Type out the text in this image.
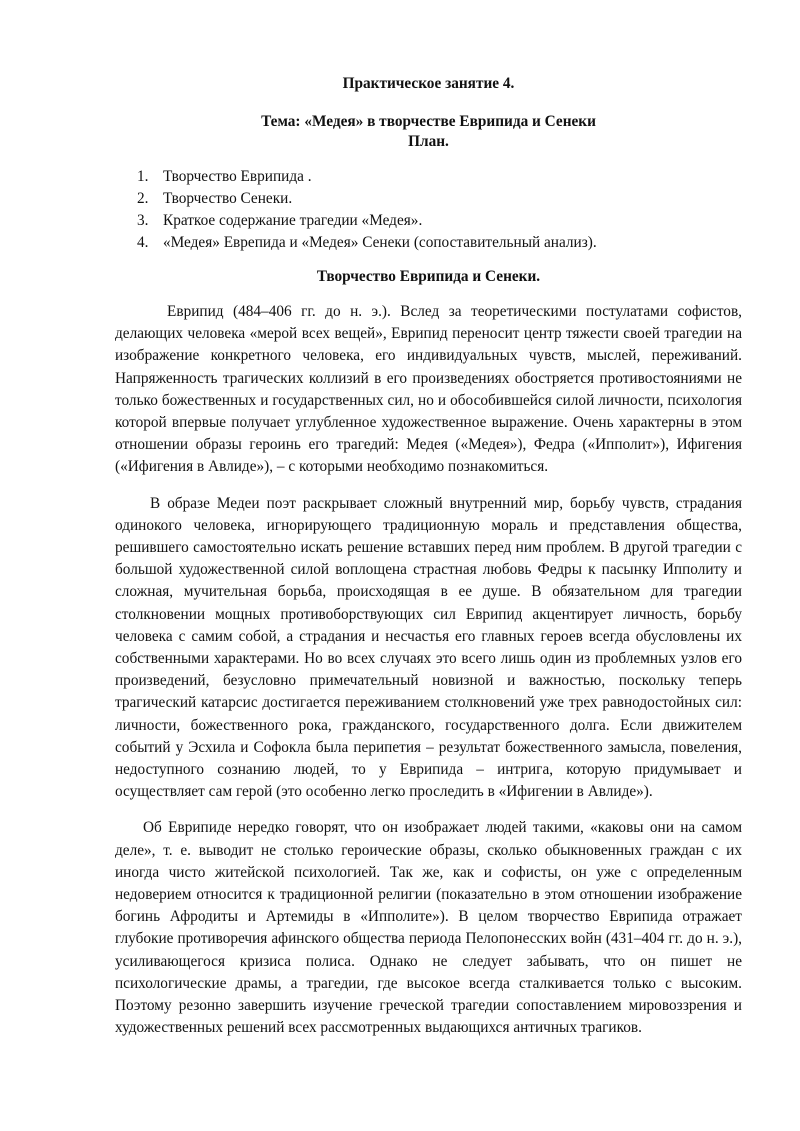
Практическое занятие 4.

Тема: «Медея» в творчестве Еврипида и Сенеки

План.

1. Творчество Еврипида .
2. Творчество Сенеки.
3. Краткое содержание трагедии «Медея».
4. «Медея» Еврепида и «Медея» Сенеки (сопоставительный анализ).

Творчество Еврипида и Сенеки.

Еврипид (484–406 гг. до н. э.). Вслед за теоретическими постулатами софистов, делающих человека «мерой всех вещей», Еврипид переносит центр тяжести своей трагедии на изображение конкретного человека, его индивидуальных чувств, мыслей, переживаний. Напряженность трагических коллизий в его произведениях обостряется противостояниями не только божественных и государственных сил, но и обособившейся силой личности, психология которой впервые получает углубленное художественное выражение. Очень характерны в этом отношении образы героинь его трагедий: Медея («Медея»), Федра («Ипполит»), Ифигения («Ифигения в Авлиде»), – с которыми необходимо познакомиться.

В образе Медеи поэт раскрывает сложный внутренний мир, борьбу чувств, страдания одинокого человека, игнорирующего традиционную мораль и представления общества, решившего самостоятельно искать решение вставших перед ним проблем. В другой трагедии с большой художественной силой воплощена страстная любовь Федры к пасынку Ипполиту и сложная, мучительная борьба, происходящая в ее душе. В обязательном для трагедии столкновении мощных противоборствующих сил Еврипид акцентирует личность, борьбу человека с самим собой, а страдания и несчастья его главных героев всегда обусловлены их собственными характерами. Но во всех случаях это всего лишь один из проблемных узлов его произведений, безусловно примечательный новизной и важностью, поскольку теперь трагический катарсис достигается переживанием столкновений уже трех равнодостойных сил: личности, божественного рока, гражданского, государственного долга. Если движителем событий у Эсхила и Софокла была перипетия – результат божественного замысла, повеления, недоступного сознанию людей, то у Еврипида – интрига, которую придумывает и осуществляет сам герой (это особенно легко проследить в «Ифигении в Авлиде»).

Об Еврипиде нередко говорят, что он изображает людей такими, «каковы они на самом деле», т. е. выводит не столько героические образы, сколько обыкновенных граждан с их иногда чисто житейской психологией. Так же, как и софисты, он уже с определенным недоверием относится к традиционной религии (показательно в этом отношении изображение богинь Афродиты и Артемиды в «Ипполите»). В целом творчество Еврипида отражает глубокие противоречия афинского общества периода Пелопонесских войн (431–404 гг. до н. э.), усиливающегося кризиса полиса. Однако не следует забывать, что он пишет не психологические драмы, а трагедии, где высокое всегда сталкивается только с высоким. Поэтому резонно завершить изучение греческой трагедии сопоставлением мировоззрения и художественных решений всех рассмотренных выдающихся античных трагиков.
